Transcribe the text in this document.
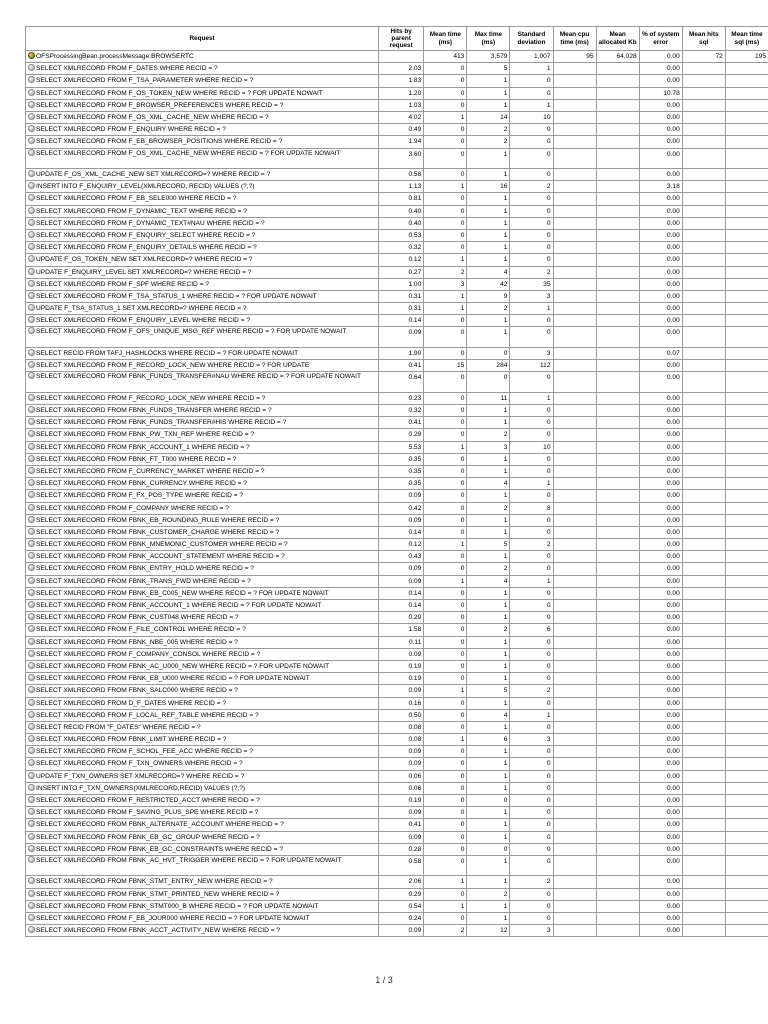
Request	Hits by parent request	Mean time (ms)	Max time (ms)	Standard deviation	Mean cpu time (ms)	Mean allocated Kb	% of system error	Mean hits sql	Mean time sql (ms)
OFSProcessingBean.processMessage:BROWSERTC		413	3,579	1,007	95	64,028	0.00	72	195
SELECT XMLRECORD FROM F_DATES WHERE RECID = ?	2.03	0	5	1			0.00		
SELECT XMLRECORD FROM F_TSA_PARAMETER WHERE RECID = ?	1.83	0	1	0			0.00		
SELECT XMLRECORD FROM F_OS_TOKEN_NEW WHERE RECID = ? FOR UPDATE NOWAIT	1.20	0	1	0			10.78		
SELECT XMLRECORD FROM F_BROWSER_PREFERENCES WHERE RECID = ?	1.03	0	1	1			0.00		
SELECT XMLRECORD FROM F_OS_XML_CACHE_NEW WHERE RECID = ?	4.02	1	14	10			0.00		
SELECT XMLRECORD FROM F_ENQUIRY WHERE RECID = ?	0.49	0	2	0			0.00		
SELECT XMLRECORD FROM F_EB_BROWSER_POSITIONS WHERE RECID = ?	1.94	0	2	0			0.00		
SELECT XMLRECORD FROM F_OS_XML_CACHE_NEW WHERE RECID = ? FOR UPDATE NOWAIT	3.60	0	1	0			0.00		
UPDATE F_OS_XML_CACHE_NEW SET XMLRECORD=? WHERE RECID = ?	0.58	0	1	0			0.00		
INSERT INTO F_ENQUIRY_LEVEL(XMLRECORD, RECID) VALUES (?,?)	1.13	1	16	2			3.18		
SELECT XMLRECORD FROM F_EB_SELE000 WHERE RECID = ?	0.81	0	1	0			0.00		
SELECT XMLRECORD FROM F_DYNAMIC_TEXT WHERE RECID = ?	0.40	0	1	0			0.00		
SELECT XMLRECORD FROM F_DYNAMIC_TEXT#NAU WHERE RECID = ?	0.40	0	1	0			0.00		
SELECT XMLRECORD FROM F_ENQUIRY_SELECT WHERE RECID = ?	0.53	0	1	0			0.00		
SELECT XMLRECORD FROM F_ENQUIRY_DETAILS WHERE RECID = ?	0.32	0	1	0			0.00		
UPDATE F_OS_TOKEN_NEW SET XMLRECORD=? WHERE RECID = ?	0.12	1	1	0			0.00		
UPDATE F_ENQUIRY_LEVEL SET XMLRECORD=? WHERE RECID = ?	0.27	2	4	2			0.00		
SELECT XMLRECORD FROM F_SPF WHERE RECID = ?	1.00	3	42	35			0.00		
SELECT XMLRECORD FROM F_TSA_STATUS_1 WHERE RECID = ? FOR UPDATE NOWAIT	0.31	1	9	3			0.00		
UPDATE F_TSA_STATUS_1 SET XMLRECORD=? WHERE RECID = ?	0.31	1	2	1			0.00		
SELECT XMLRECORD FROM F_ENQUIRY_LEVEL WHERE RECID = ?	0.14	0	1	0			0.00		
SELECT XMLRECORD FROM F_OFS_UNIQUE_MSG_REF WHERE RECID = ? FOR UPDATE NOWAIT	0.09	0	1	0			0.00		
SELECT RECID FROM TAFJ_HASHLOCKS WHERE RECID = ? FOR UPDATE NOWAIT	1.90	0	0	3			0.07		
SELECT XMLRECORD FROM F_RECORD_LOCK_NEW WHERE RECID = ? FOR UPDATE	0.41	15	284	112			0.00		
SELECT XMLRECORD FROM FBNK_FUNDS_TRANSFER#NAU WHERE RECID = ? FOR UPDATE NOWAIT	0.64	0	0	0			0.00		
SELECT XMLRECORD FROM F_RECORD_LOCK_NEW WHERE RECID = ?	0.23	0	11	1			0.00		
SELECT XMLRECORD FROM FBNK_FUNDS_TRANSFER WHERE RECID = ?	0.32	0	1	0			0.00		
SELECT XMLRECORD FROM FBNK_FUNDS_TRANSFER#HIS WHERE RECID = ?	0.41	0	1	0			0.00		
SELECT XMLRECORD FROM FBNK_PW_TXN_REF WHERE RECID = ?	0.29	0	2	0			0.00		
SELECT XMLRECORD FROM FBNK_ACCOUNT_1 WHERE RECID = ?	5.53	1	3	10			0.00		
SELECT XMLRECORD FROM FBNK_FT_T000 WHERE RECID = ?	0.35	0	1	0			0.00		
SELECT XMLRECORD FROM F_CURRENCY_MARKET WHERE RECID = ?	0.35	0	1	0			0.00		
SELECT XMLRECORD FROM FBNK_CURRENCY WHERE RECID = ?	0.35	0	4	1			0.00		
SELECT XMLRECORD FROM F_FX_POS_TYPE WHERE RECID = ?	0.09	0	1	0			0.00		
SELECT XMLRECORD FROM F_COMPANY WHERE RECID = ?	0.42	0	2	8			0.00		
SELECT XMLRECORD FROM FBNK_EB_ROUNDING_RULE WHERE RECID = ?	0.09	0	1	0			0.00		
SELECT XMLRECORD FROM FBNK_CUSTOMER_CHARGE WHERE RECID = ?	0.14	0	1	0			0.00		
SELECT XMLRECORD FROM FBNK_MNEMONIC_CUSTOMER WHERE RECID = ?	0.12	1	5	2			0.00		
SELECT XMLRECORD FROM FBNK_ACCOUNT_STATEMENT WHERE RECID = ?	0.43	0	1	0			0.00		
SELECT XMLRECORD FROM FBNK_ENTRY_HOLD WHERE RECID = ?	0.09	0	2	0			0.00		
SELECT XMLRECORD FROM FBNK_TRANS_FWD WHERE RECID = ?	0.09	1	4	1			0.00		
SELECT XMLRECORD FROM FBNK_EB_C005_NEW WHERE RECID = ? FOR UPDATE NOWAIT	0.14	0	1	0			0.00		
SELECT XMLRECORD FROM FBNK_ACCOUNT_1 WHERE RECID = ? FOR UPDATE NOWAIT	0.14	0	1	0			0.00		
SELECT XMLRECORD FROM FBNK_CUST048 WHERE RECID = ?	0.29	0	1	0			0.00		
SELECT XMLRECORD FROM F_FILE_CONTROL WHERE RECID = ?	1.58	0	2	6			0.00		
SELECT XMLRECORD FROM FBNK_NBE_005 WHERE RECID = ?	0.11	0	1	0			0.00		
SELECT XMLRECORD FROM F_COMPANY_CONSOL WHERE RECID = ?	0.09	0	1	0			0.00		
SELECT XMLRECORD FROM FBNK_AC_U000_NEW WHERE RECID = ? FOR UPDATE NOWAIT	0.19	0	1	0			0.00		
SELECT XMLRECORD FROM FBNK_EB_U000 WHERE RECID = ? FOR UPDATE NOWAIT	0.19	0	1	0			0.00		
SELECT XMLRECORD FROM FBNK_SALC000 WHERE RECID = ?	0.09	1	5	2			0.00		
SELECT XMLRECORD FROM D_F_DATES WHERE RECID = ?	0.16	0	1	0			0.00		
SELECT XMLRECORD FROM F_LOCAL_REF_TABLE WHERE RECID = ?	0.50	0	4	1			0.00		
SELECT RECID FROM "F_DATES" WHERE RECID = ?	0.08	0	1	0			0.00		
SELECT XMLRECORD FROM FBNK_LIMIT WHERE RECID = ?	0.08	1	6	3			0.00		
SELECT XMLRECORD FROM F_SCHOL_FEE_ACC WHERE RECID = ?	0.09	0	1	0			0.00		
SELECT XMLRECORD FROM F_TXN_OWNERS WHERE RECID = ?	0.09	0	1	0			0.00		
UPDATE F_TXN_OWNERS SET XMLRECORD=? WHERE RECID = ?	0.06	0	1	0			0.00		
INSERT INTO F_TXN_OWNERS(XMLRECORD,RECID) VALUES (?,?)	0.06	0	1	0			0.00		
SELECT XMLRECORD FROM F_RESTRICTED_ACCT WHERE RECID = ?	0.19	0	0	0			0.00		
SELECT XMLRECORD FROM F_SAVING_PLUS_SPE WHERE RECID = ?	0.09	0	1	0			0.00		
SELECT XMLRECORD FROM FBNK_ALTERNATE_ACCOUNT WHERE RECID = ?	0.41	0	1	0			0.00		
SELECT XMLRECORD FROM FBNK_EB_GC_GROUP WHERE RECID = ?	0.09	0	1	0			0.00		
SELECT XMLRECORD FROM FBNK_EB_GC_CONSTRAINTS WHERE RECID = ?	0.28	0	0	0			0.00		
SELECT XMLRECORD FROM FBNK_AC_HVT_TRIGGER WHERE RECID = ? FOR UPDATE NOWAIT	0.58	0	1	0			0.00		
SELECT XMLRECORD FROM FBNK_STMT_ENTRY_NEW WHERE RECID = ?	2.06	1	1	2			0.00		
SELECT XMLRECORD FROM FBNK_STMT_PRINTED_NEW WHERE RECID = ?	0.29	0	2	0			0.00		
SELECT XMLRECORD FROM FBNK_STMT000_B WHERE RECID = ? FOR UPDATE NOWAIT	0.54	1	1	0			0.00		
SELECT XMLRECORD FROM F_EB_JOUR000 WHERE RECID = ? FOR UPDATE NOWAIT	0.24	0	1	0			0.00		
SELECT XMLRECORD FROM FBNK_ACCT_ACTIVITY_NEW WHERE RECID = ?	0.09	2	12	3			0.00		
1 / 3
